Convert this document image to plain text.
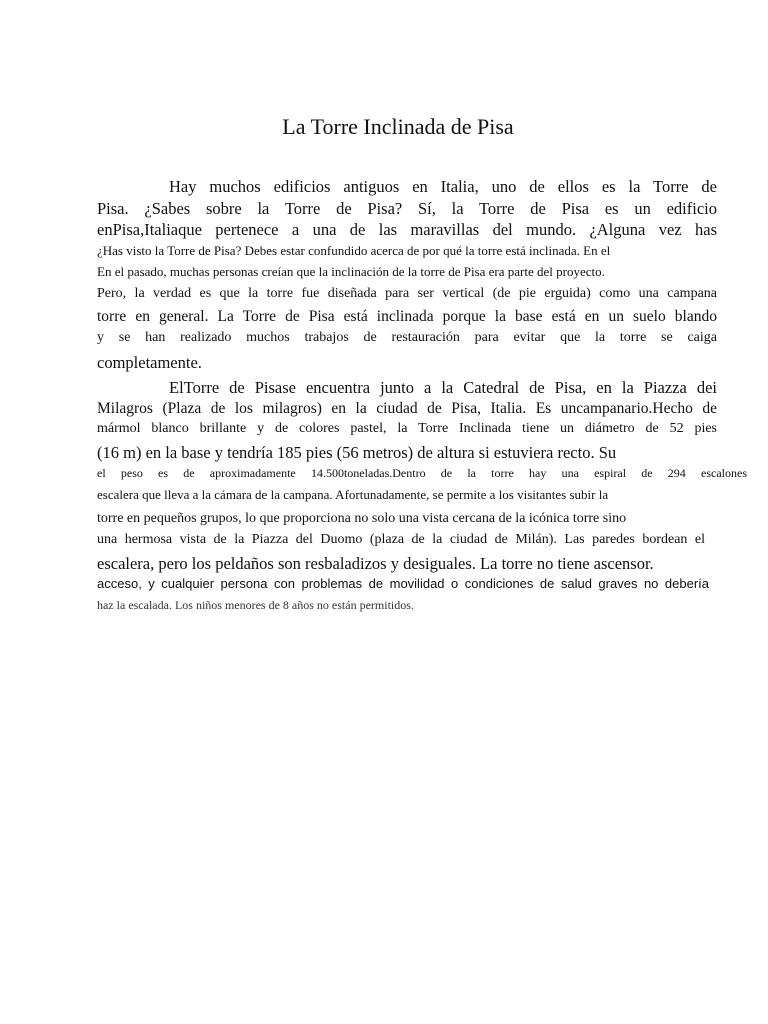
La Torre Inclinada de Pisa
Hay muchos edificios antiguos en Italia, uno de ellos es la Torre de
Pisa. ¿Sabes sobre la Torre de Pisa? Sí, la Torre de Pisa es un edificio
enPisa,Italiaque pertenece a una de las maravillas del mundo. ¿Alguna vez has
¿Has visto la Torre de Pisa? Debes estar confundido acerca de por qué la torre está inclinada. En el
En el pasado, muchas personas creían que la inclinación de la torre de Pisa era parte del proyecto.
Pero, la verdad es que la torre fue diseñada para ser vertical (de pie erguida) como una campana
torre en general. La Torre de Pisa está inclinada porque la base está en un suelo blando
y se han realizado muchos trabajos de restauración para evitar que la torre se caiga
completamente.
ElTorre de Pisase encuentra junto a la Catedral de Pisa, en la Piazza dei
Milagros (Plaza de los milagros) en la ciudad de Pisa, Italia. Es uncampanario.Hecho de
mármol blanco brillante y de colores pastel, la Torre Inclinada tiene un diámetro de 52 pies
(16 m) en la base y tendría 185 pies (56 metros) de altura si estuviera recto. Su
el peso es de aproximadamente 14.500toneladas.Dentro de la torre hay una espiral de 294 escalones
escalera que lleva a la cámara de la campana. Afortunadamente, se permite a los visitantes subir la
torre en pequeños grupos, lo que proporciona no solo una vista cercana de la icónica torre sino
una hermosa vista de la Piazza del Duomo (plaza de la ciudad de Milán). Las paredes bordean el
escalera, pero los peldaños son resbaladizos y desiguales. La torre no tiene ascensor.
acceso, y cualquier persona con problemas de movilidad o condiciones de salud graves no debería
haz la escalada. Los niños menores de 8 años no están permitidos.
